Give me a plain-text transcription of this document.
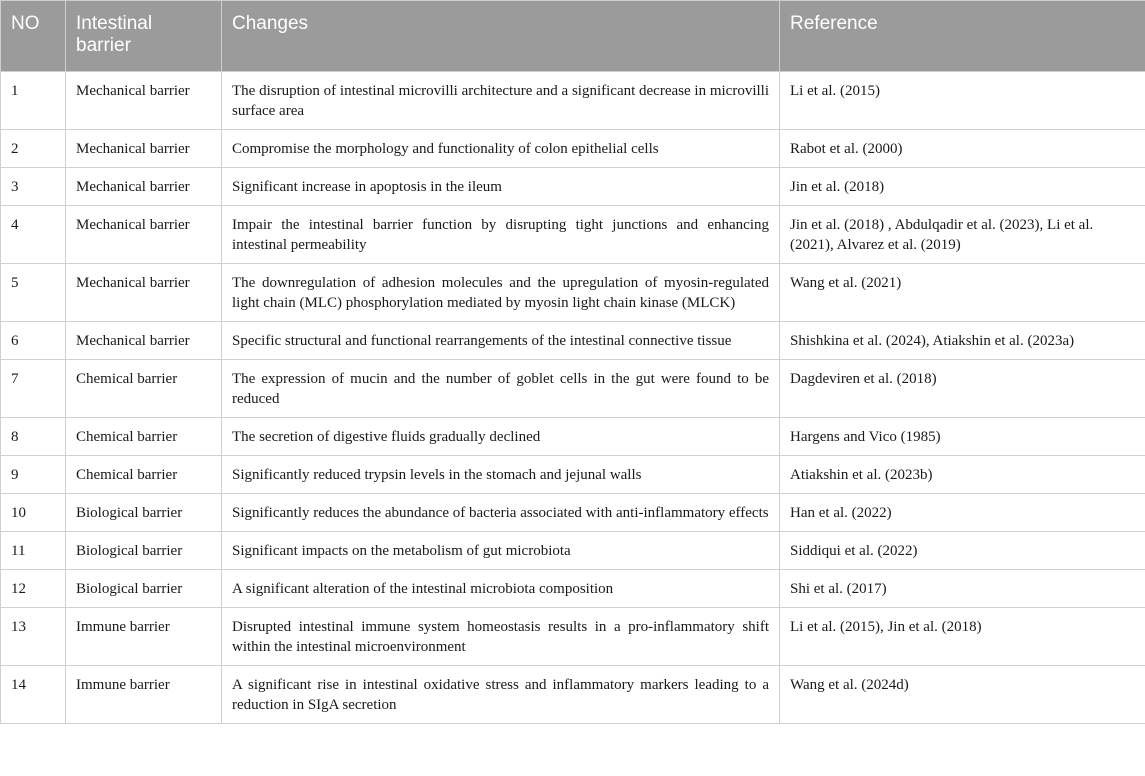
NO	Intestinal barrier	Changes	Reference
1	Mechanical barrier	The disruption of intestinal microvilli architecture and a significant decrease in microvilli surface area	Li et al. (2015)
2	Mechanical barrier	Compromise the morphology and functionality of colon epithelial cells	Rabot et al. (2000)
3	Mechanical barrier	Significant increase in apoptosis in the ileum	Jin et al. (2018)
4	Mechanical barrier	Impair the intestinal barrier function by disrupting tight junctions and enhancing intestinal permeability	Jin et al. (2018) , Abdulqadir et al. (2023), Li et al. (2021), Alvarez et al. (2019)
5	Mechanical barrier	The downregulation of adhesion molecules and the upregulation of myosin-regulated light chain (MLC) phosphorylation mediated by myosin light chain kinase (MLCK)	Wang et al. (2021)
6	Mechanical barrier	Specific structural and functional rearrangements of the intestinal connective tissue	Shishkina et al. (2024), Atiakshin et al. (2023a)
7	Chemical barrier	The expression of mucin and the number of goblet cells in the gut were found to be reduced	Dagdeviren et al. (2018)
8	Chemical barrier	The secretion of digestive fluids gradually declined	Hargens and Vico (1985)
9	Chemical barrier	Significantly reduced trypsin levels in the stomach and jejunal walls	Atiakshin et al. (2023b)
10	Biological barrier	Significantly reduces the abundance of bacteria associated with anti-inflammatory effects	Han et al. (2022)
11	Biological barrier	Significant impacts on the metabolism of gut microbiota	Siddiqui et al. (2022)
12	Biological barrier	A significant alteration of the intestinal microbiota composition	Shi et al. (2017)
13	Immune barrier	Disrupted intestinal immune system homeostasis results in a pro-inflammatory shift within the intestinal microenvironment	Li et al. (2015), Jin et al. (2018)
14	Immune barrier	A significant rise in intestinal oxidative stress and inflammatory markers leading to a reduction in SIgA secretion	Wang et al. (2024d)
